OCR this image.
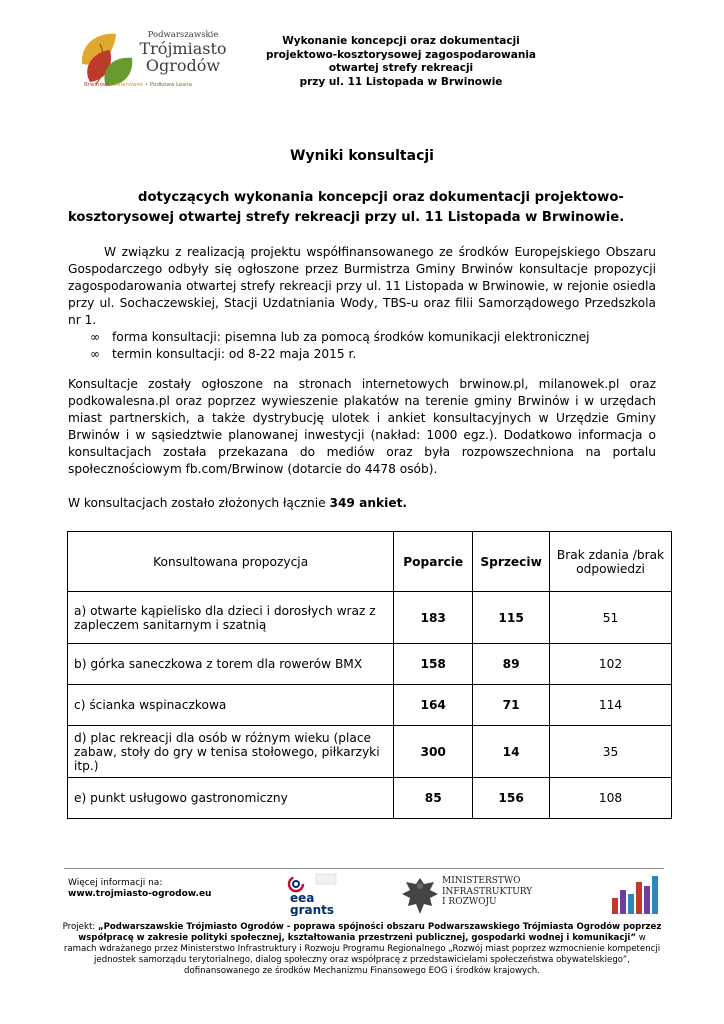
Podwarszawskie
Trójmiasto
Ogrodów
Brwinów • Milanówek • Podkowa Leśna
Wykonanie koncepcji oraz dokumentacji
projektowo-kosztorysowej zagospodarowania
otwartej strefy rekreacji
przy ul. 11 Listopada w Brwinowie
Wyniki konsultacji
dotyczących wykonania koncepcji oraz dokumentacji projektowo-
kosztorysowej otwartej strefy rekreacji przy ul. 11 Listopada w Brwinowie.
W związku z realizacją projektu współfinansowanego ze środków Europejskiego Obszaru Gospodarczego odbyły się ogłoszone przez Burmistrza Gminy Brwinów konsultacje propozycji zagospodarowania otwartej strefy rekreacji przy ul. 11 Listopada w Brwinowie, w rejonie osiedla przy ul. Sochaczewskiej, Stacji Uzdatniania Wody, TBS-u oraz filii Samorządowego Przedszkola nr 1.
∞ forma konsultacji: pisemna lub za pomocą środków komunikacji elektronicznej
∞ termin konsultacji: od 8-22 maja 2015 r.
Konsultacje zostały ogłoszone na stronach internetowych brwinow.pl, milanowek.pl oraz podkowalesna.pl oraz poprzez wywieszenie plakatów na terenie gminy Brwinów i w urzędach miast partnerskich, a także dystrybucję ulotek i ankiet konsultacyjnych w Urzędzie Gminy Brwinów i w sąsiedztwie planowanej inwestycji (nakład: 1000 egz.). Dodatkowo informacja o konsultacjach została przekazana do mediów oraz była rozpowszechniona na portalu społecznościowym fb.com/Brwinow (dotarcie do 4478 osób).
W konsultacjach zostało złożonych łącznie 349 ankiet.
Konsultowana propozycja	Poparcie	Sprzeciw	Brak zdania /brak odpowiedzi
a) otwarte kąpielisko dla dzieci i dorosłych wraz z zapleczem sanitarnym i szatnią	183	115	51
b) górka saneczkowa z torem dla rowerów BMX	158	89	102
c) ścianka wspinaczkowa	164	71	114
d) plac rekreacji dla osób w różnym wieku (place zabaw, stoły do gry w tenisa stołowego, piłkarzyki itp.)	300	14	35
e) punkt usługowo gastronomiczny	85	156	108
Więcej informacji na:
www.trojmiasto-ogrodow.eu	eea
grants
MINISTERSTWO
INFRASTRUKTURY
I ROZWOJU
Projekt: „Podwarszawskie Trójmiasto Ogrodów - poprawa spójności obszaru Podwarszawskiego Trójmiasta Ogrodów poprzez współpracę w zakresie polityki społecznej, kształtowania przestrzeni publicznej, gospodarki wodnej i komunikacji” w ramach wdrażanego przez Ministerstwo Infrastruktury i Rozwoju Programu Regionalnego „Rozwój miast poprzez wzmocnienie kompetencji jednostek samorządu terytorialnego, dialog społeczny oraz współpracę z przedstawicielami społeczeństwa obywatelskiego”, dofinansowanego ze środków Mechanizmu Finansowego EOG i środków krajowych.
